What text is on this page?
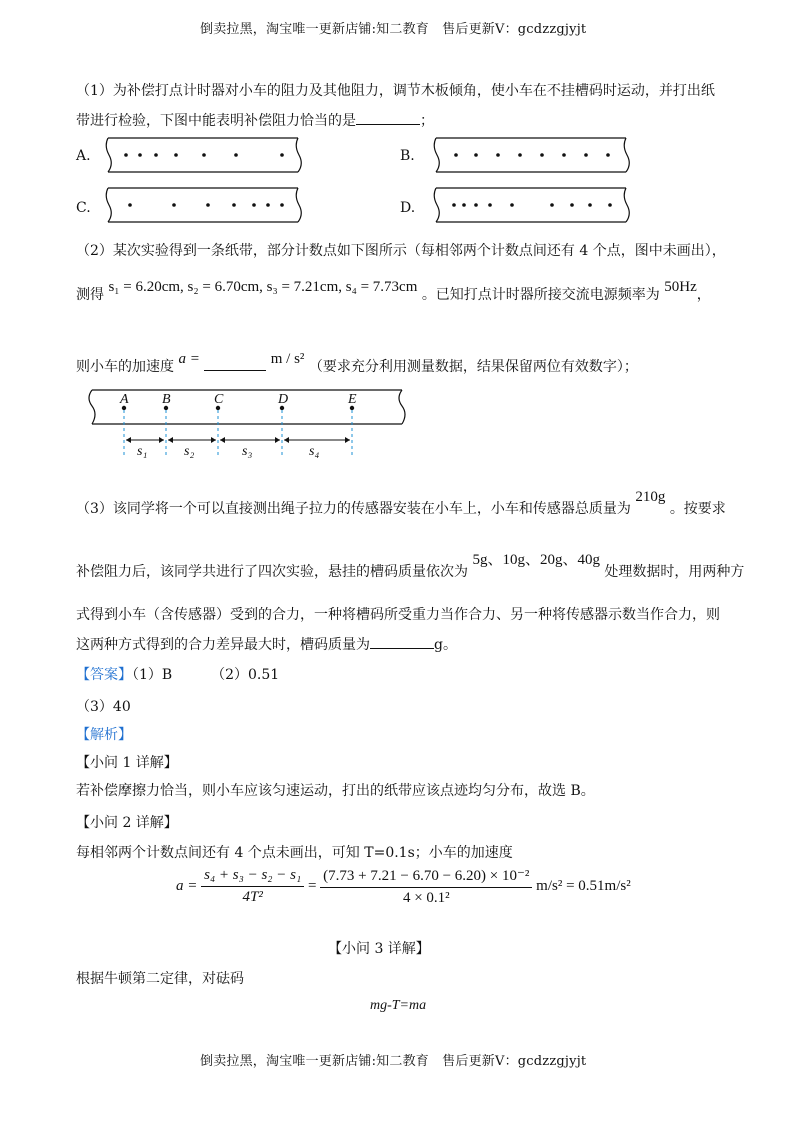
倒卖拉黑，淘宝唯一更新店铺:知二教育　售后更新V：gcdzzgjyjt
（1）为补偿打点计时器对小车的阻力及其他阻力，调节木板倾角，使小车在不挂槽码时运动，并打出纸
带进行检验，下图中能表明补偿阻力恰当的是	；
A.	B.
C.	D.
（2）某次实验得到一条纸带，部分计数点如下图所示（每相邻两个计数点间还有 4 个点，图中未画出），
测得 s₁ = 6.20cm, s₂ = 6.70cm, s₃ = 7.21cm, s₄ = 7.73cm 。已知打点计时器所接交流电源频率为 50Hz，
则小车的加速度 a =	m / s² （要求充分利用测量数据，结果保留两位有效数字）；
A B	C	D	E
s₁	s₂	s₃	s₄
（3）该同学将一个可以直接测出绳子拉力的传感器安装在小车上，小车和传感器总质量为 210g 。按要求
补偿阻力后，该同学共进行了四次实验，悬挂的槽码质量依次为 5g、10g、20g、40g 处理数据时，用两种方
式得到小车（含传感器）受到的合力，一种将槽码所受重力当作合力、另一种将传感器示数当作合力，则
这两种方式得到的合力差异最大时，槽码质量为	g。
【答案】（1）B	（2）0.51
（3）40
【解析】
【小问 1 详解】
若补偿摩擦力恰当，则小车应该匀速运动，打出的纸带应该点迹均匀分布，故选 B。
【小问 2 详解】
每相邻两个计数点间还有 4 个点未画出，可知 T=0.1s；小车的加速度
$a = \frac{\text{s₄ + s₃ − s₂ − s₁}}{\text{4T²}} = \frac{\text{(7.73 + 7.21 − 6.70 − 6.20) × 10⁻²}}{\text{4 × 0.1²}} m/s^2 = 0.51m/s^2$
【小问 3 详解】
根据牛顿第二定律，对砝码
mg-T=ma
倒卖拉黑，淘宝唯一更新店铺:知二教育　售后更新V：gcdzzgjyjt
